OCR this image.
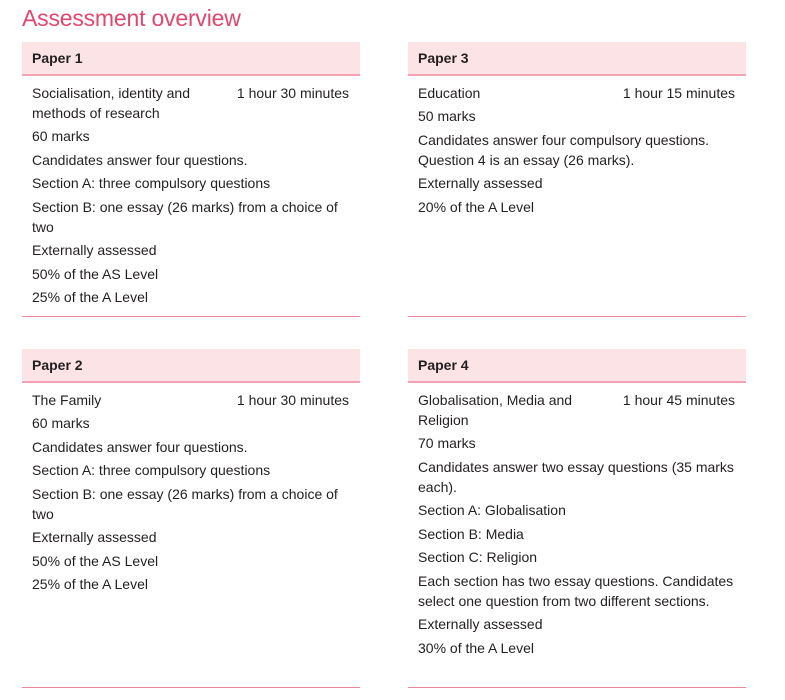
Assessment overview
Paper 1
Socialisation, identity and methods of research
1 hour 30 minutes
60 marks
Candidates answer four questions.
Section A: three compulsory questions
Section B: one essay (26 marks) from a choice of two
Externally assessed
50% of the AS Level
25% of the A Level
Paper 3
Education	1 hour 15 minutes
50 marks
Candidates answer four compulsory questions. Question 4 is an essay (26 marks).
Externally assessed
20% of the A Level
Paper 2
The Family	1 hour 30 minutes
60 marks
Candidates answer four questions.
Section A: three compulsory questions
Section B: one essay (26 marks) from a choice of two
Externally assessed
50% of the AS Level
25% of the A Level
Paper 4
Globalisation, Media and Religion
1 hour 45 minutes
70 marks
Candidates answer two essay questions (35 marks each).
Section A: Globalisation
Section B: Media
Section C: Religion
Each section has two essay questions. Candidates select one question from two different sections.
Externally assessed
30% of the A Level
